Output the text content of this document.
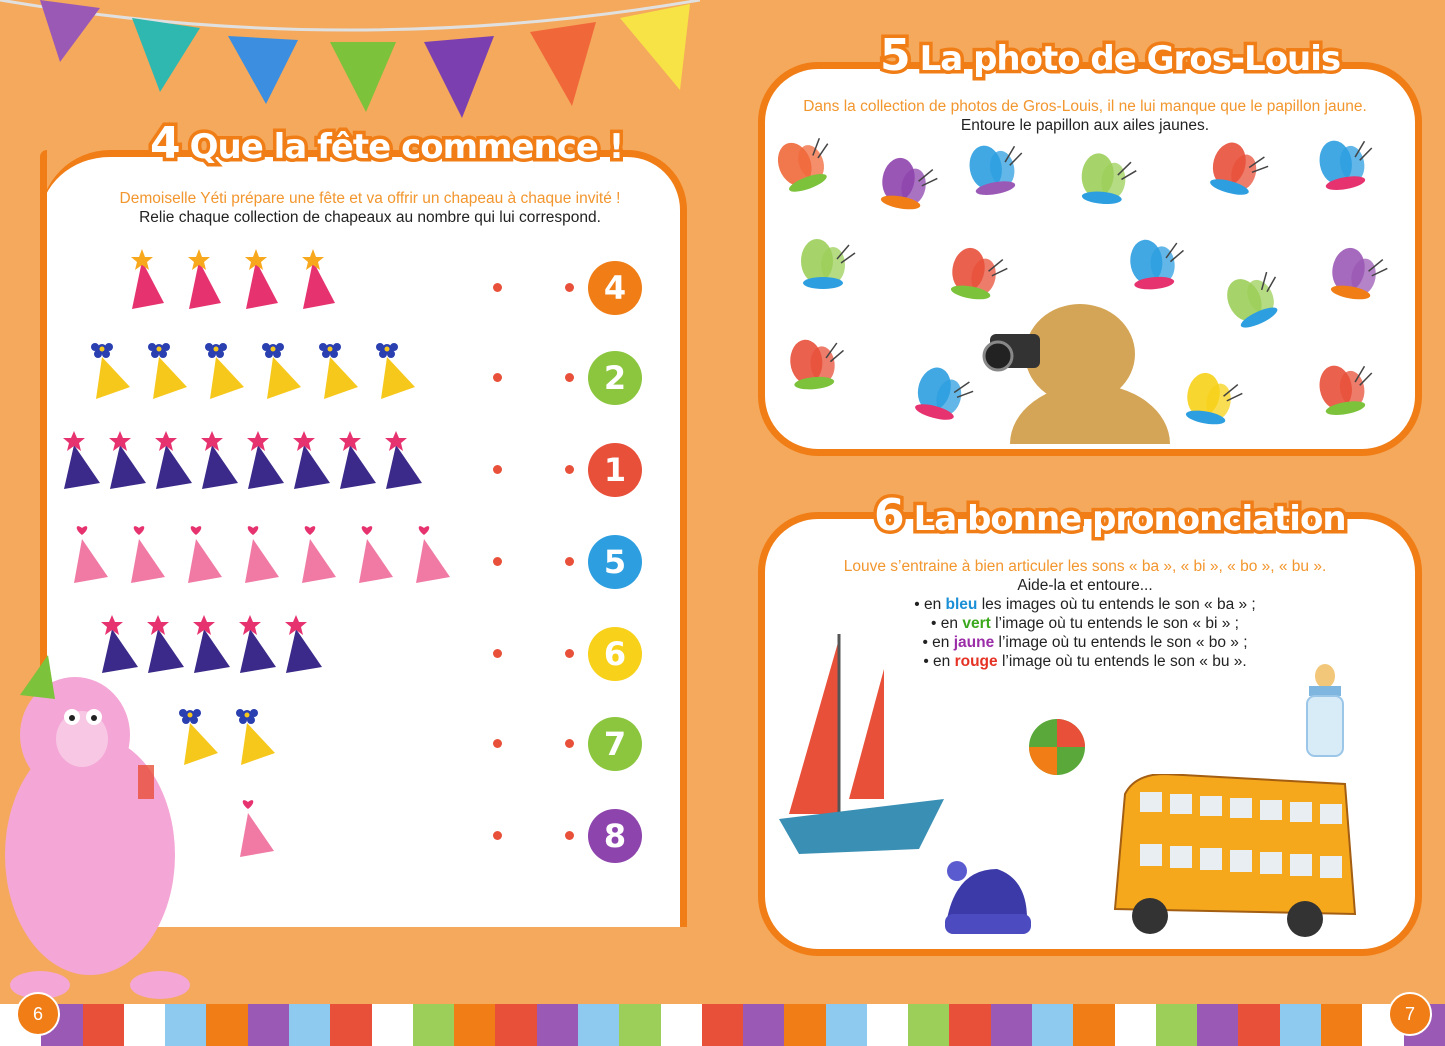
4
2
1
5
6
7
8
4 Que la fête commence !
Demoiselle Yéti prépare une fête et va offrir un chapeau à chaque invité !
Relie chaque collection de chapeaux au nombre qui lui correspond.
5 La photo de Gros-Louis
Dans la collection de photos de Gros-Louis, il ne lui manque que le papillon jaune.
Entoure le papillon aux ailes jaunes.
6 La bonne prononciation
Louve s’entraine à bien articuler les sons « ba », « bi », « bo », « bu ».
Aide-la et entoure...
• en bleu les images où tu entends le son « ba » ;
• en vert l’image où tu entends le son « bi » ;
• en jaune l’image où tu entends le son « bo » ;
• en rouge l’image où tu entends le son « bu ».
6	7
